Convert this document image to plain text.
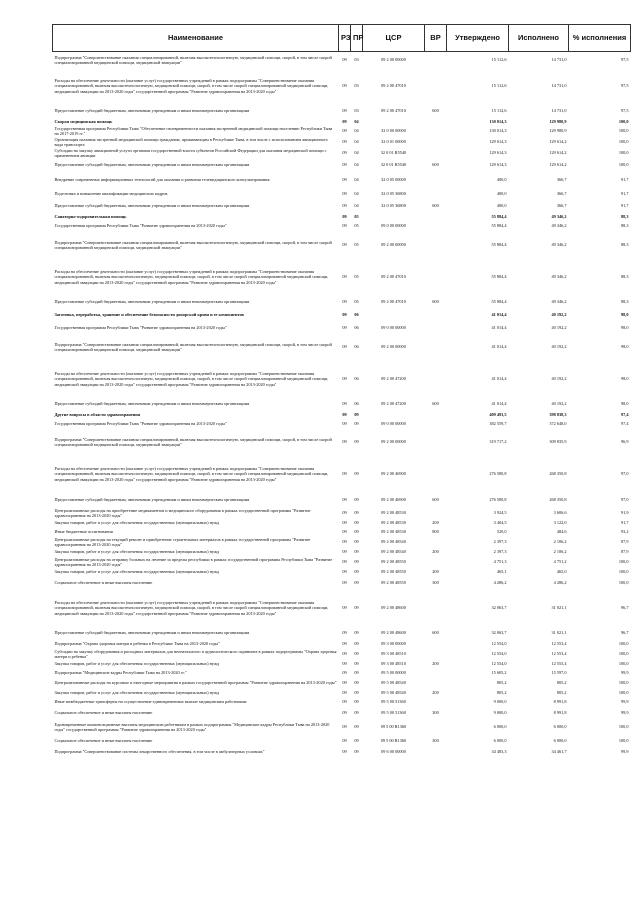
Наименование	РЗ	ПР	ЦСР	ВР	Утверждено	Исполнено	% исполнения
Подпрограмма "Совершенствование оказания специализированной, включая высокотехнологичную, медицинской помощи, скорой, в том числе скорой специализированной медицинской помощи, медицинской эвакуации"	09	03	09 2 00 00000		15 112,6	14 731,0	97,5
Расходы на обеспечение деятельности (оказание услуг) государственных учреждений в рамках подпрограммы "Совершенствование оказания специализированной, включая высокотехнологичную, медицинской помощи, скорой, в том числе скорой специализированной медицинской помощи, медицинской эвакуации на 2013-2020 годы" государственной программы "Развитие здравоохранения на 2013-2020 годы"	09	03	09 2 00 47010		15 112,6	14 731,0	97,5
Предоставление субсидий бюджетным, автономным учреждениям и иным некоммерческим организациям	09	03	09 2 00 47010	600	15 112,6	14 731,0	97,5
Скорая медицинская помощь	09	04			130 014,3	129 980,9	100,0
Государственная программа Республики Тыва "Обеспечение своевременности оказания экстренной медицинской помощи населению Республики Тыва на 2017-2019 гг."	09	04	32 0 00 00000		130 014,3	129 980,9	100,0
Организация оказания экстренной медицинской помощи гражданам, проживающим в Республике Тыва, в том числе с использованием авиационного вида транспорта	09	04	32 0 01 00000		129 614,3	129 614,2	100,0
Субсидии на закупку авиационной услуги органами государственной власти субъектов Российской Федерации для оказания медицинской помощи с применением авиации	09	04	32 0 01 R5540		129 614,3	129 614,2	100,0
Предоставление субсидий бюджетным, автономным учреждениям и иным некоммерческим организациям	09	04	32 0 01 R5540	600	129 614,3	129 614,2	100,0
Внедрение современных информационных технологий для оказания и развития телемедицинского консультирования	09	04	32 0 05 00000		400,0	366,7	91,7
Подготовка и повышение квалификации медицинских кадров	09	04	32 0 05 36800		400,0	366,7	91,7
Предоставление субсидий бюджетным, автономным учреждениям и иным некоммерческим организациям	09	04	32 0 05 36800	600	400,0	366,7	91,7
Санаторно-оздоровительная помощь	09	05			55 884,4	49 346,2	88,3
Государственная программа Республики Тыва "Развитие здравоохранения на 2013-2020 годы"	09	05	09 0 00 00000		55 884,4	49 346,2	88,3
Подпрограмма "Совершенствование оказания специализированной, включая высокотехнологичную, медицинской помощи, скорой, в том числе скорой специализированной медицинской помощи, медицинской эвакуации"	09	05	09 2 00 00000		55 884,4	49 346,2	88,3
Расходы на обеспечение деятельности (оказание услуг) государственных учреждений в рамках подпрограммы "Совершенствование оказания специализированной, включая высокотехнологичную, медицинской помощи, скорой, в том числе скорой специализированной медицинской помощи, медицинской эвакуации на 2013-2020 годы" государственной программы "Развитие здравоохранения на 2013-2020 годы"	09	05	09 2 00 47010		55 884,4	49 346,2	88,3
Предоставление субсидий бюджетным, автономным учреждениям и иным некоммерческим организациям	09	05	09 2 00 47010	600	55 884,4	49 346,2	88,3
Заготовка, переработка, хранение и обеспечение безопасности донорской крови и ее компонентов	09	06			41 014,4	40 192,2	98,0
Государственная программа Республики Тыва "Развитие здравоохранения на 2013-2020 годы"	09	06	09 0 00 00000		41 014,4	40 192,2	98,0
Подпрограмма "Совершенствование оказания специализированной, включая высокотехнологичную, медицинской помощи, скорой, в том числе скорой специализированной медицинской помощи, медицинской эвакуации"	09	06	09 2 00 00000		41 014,4	40 192,2	98,0
Расходы на обеспечение деятельности (оказание услуг) государственных учреждений в рамках подпрограммы "Совершенствование оказания специализированной, включая высокотехнологичную, медицинской помощи, скорой, в том числе скорой специализированной медицинской помощи, медицинской эвакуации на 2013-2020 годы" государственной программы "Развитие здравоохранения на 2013-2020 годы"	09	06	09 2 00 47200		41 014,4	40 192,2	98,0
Предоставление субсидий бюджетным, автономным учреждениям и иным некоммерческим организациям	09	06	09 2 00 47200	600	41 014,4	40 192,2	98,0
Другие вопросы в области здравоохранения	09	09			409 493,5	398 838,3	97,4
Государственная программа Республики Тыва "Развитие здравоохранения на 2013-2020 годы"	09	09	09 0 00 00000		382 559,7	372 648,0	97,4
Подпрограмма "Совершенствование оказания специализированной, включая высокотехнологичную, медицинской помощи, скорой, в том числе скорой специализированной медицинской помощи, медицинской эвакуации"	09	09	09 2 00 00000		319 717,2	309 835,9	96,9
Расходы на обеспечение деятельности (оказание услуг) государственных учреждений в рамках подпрограммы "Совершенствование оказания специализированной, включая высокотехнологичную, медицинской помощи, скорой, в том числе скорой специализированной медицинской помощи, медицинской эвакуации на 2013-2020 годы" государственной программы "Развитие здравоохранения на 2013-2020 годы"	09	09	09 2 00 46900		276 580,8	268 350,8	97,0
Предоставление субсидий бюджетным, автономным учреждениям и иным некоммерческим организациям	09	09	09 2 00 46900	600	276 580,8	268 350,8	97,0
Централизованные расходы на приобретение медикаментов и медицинского оборудования в рамках государственной программы "Развитие здравоохранения на 2013-2020 годы"	09	09	09 2 00 48530		3 924,5	3 606,6	91,9
Закупка товаров, работ и услуг для обеспечения государственных (муниципальных) нужд	09	09	09 2 00 48530	200	3 404,5	3 122,0	91,7
Иные бюджетные ассигнования	09	09	09 2 00 48530	800	520,0	484,6	93,2
Централизованные расходы на текущий ремонт и приобретение строительных материалов в рамках государственной программы "Развитие здравоохранения на 2013-2020 годы"	09	09	09 2 00 48540		2 397,3	2 106,2	87,9
Закупка товаров, работ и услуг для обеспечения государственных (муниципальных) нужд	09	09	09 2 00 48540	200	2 397,3	2 106,2	87,9
Централизованные расходы на отправку больных на лечение за пределы республики в рамках государственной программы Республики Тыва "Развитие здравоохранения на 2013-2020 годы"	09	09	09 2 00 48550		4 751,3	4 751,2	100,0
Закупка товаров, работ и услуг для обеспечения государственных (муниципальных) нужд	09	09	09 2 00 48550	200	465,1	465,0	100,0
Социальное обеспечение и иные выплаты населению	09	09	09 2 00 48550	300	4 286,2	4 286,2	100,0
Расходы на обеспечение деятельности (оказание услуг) государственных учреждений в рамках подпрограммы "Совершенствование оказания специализированной, включая высокотехнологичную, медицинской помощи, скорой, в том числе скорой специализированной медицинской помощи, медицинской эвакуации на 2013-2020 годы" государственной программы "Развитие здравоохранения на 2013-2020 годы"	09	09	09 2 00 48600		32 063,7	31 021,1	96,7
Предоставление субсидий бюджетным, автономным учреждениям и иным некоммерческим организациям	09	09	09 2 00 48600	600	32 063,7	31 021,1	96,7
Подпрограмма "Охрана здоровья матери и ребенка в Республике Тыва на 2013-2020 годы"	09	09	09 3 00 00000		12 554,0	12 553,4	100,0
Субсидии на закупку оборудования и расходных материалов для неонатального и аудиологического скрининга в рамках подпрограммы "Охрана здоровья матери и ребенка"	09	09	09 3 00 48510		12 554,0	12 553,4	100,0
Закупка товаров, работ и услуг для обеспечения государственных (муниципальных) нужд	09	09	09 3 00 48510	200	12 554,0	12 553,4	100,0
Подпрограмма "Медицинские кадры Республики Тыва на 2013-2020 гг."	09	09	09 5 00 00000		15 605,2	15 597,0	99,9
Централизованные расходы на курсовые и ежегодные мероприятия в рамках государственной программы "Развитие здравоохранения на 2013-2020 годы"	09	09	09 5 00 48540		805,2	805,2	100,0
Закупка товаров, работ и услуг для обеспечения государственных (муниципальных) нужд	09	09	09 5 00 48540	200	805,2	805,2	100,0
Иные межбюджетные трансферты на осуществление единовременных выплат медицинским работникам	09	09	09 5 00 51360		9 000,0	8 991,8	99,9
Социальное обеспечение и иные выплаты населению	09	09	09 5 00 51360	300	9 000,0	8 991,8	99,9
Единовременные компенсационные выплаты медицинским работникам в рамках подпрограммы "Медицинские кадры Республики Тыва на 2013-2020 годы" государственной программы "Развитие здравоохранения на 2013-2020 годы"	09	09	09 5 00 R1360		6 000,0	6 000,0	100,0
Социальное обеспечение и иные выплаты населению	09	09	09 5 00 R1360	300	6 000,0	6 000,0	100,0
Подпрограмма "Совершенствование системы лекарственного обеспечения, в том числе в амбулаторных условиях"	09	09	09 6 00 00000		34 483,3	34 461,7	99,9
